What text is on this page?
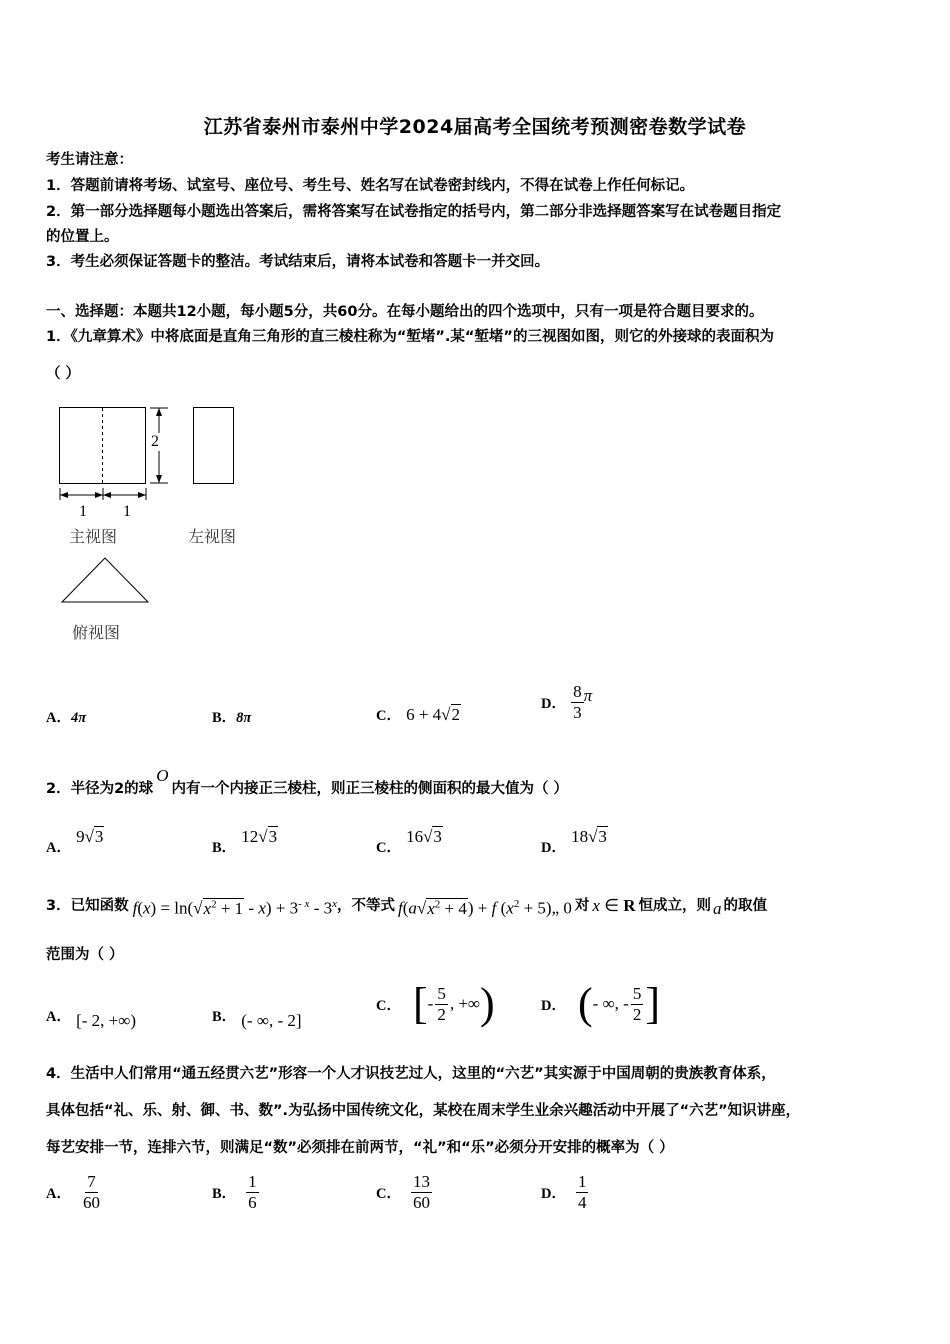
江苏省泰州市泰州中学2024届高考全国统考预测密卷数学试卷
考生请注意：
1．答题前请将考场、试室号、座位号、考生号、姓名写在试卷密封线内，不得在试卷上作任何标记。
2．第一部分选择题每小题选出答案后，需将答案写在试卷指定的括号内，第二部分非选择题答案写在试卷题目指定
的位置上。
3．考生必须保证答题卡的整洁。考试结束后，请将本试卷和答题卡一并交回。
一、选择题：本题共12小题，每小题5分，共60分。在每小题给出的四个选项中，只有一项是符合题目要求的。
1．《九章算术》中将底面是直角三角形的直三棱柱称为“堑堵”.某“堑堵”的三视图如图，则它的外接球的表面积为
（ ）
2
1 1
主视图	左视图
俯视图
A．4π	B．8π	C． 6 + 4√2
D． $\frac{8}{3}$ π
2．半径为2的球O内有一个内接正三棱柱，则正三棱柱的侧面积的最大值为（ ）
A． 9√3
B． 12√3
C． 16√3
D． 18√3
3．已知函数 $f(x) = \ln(√x^2 + 1 - x) + 3^{- x} - 3^x$ ，不等式 $f(a√x^2 + 4) + f$ ($x^2$ + 5)„ 0 对 x ∈ R 恒成立，则 a 的取值
范围为（ ）
A． [- 2, +∞)	B． (- ∞, - 2]
C． [ - $\frac{5}{2}$ , +∞ )	D． ( - ∞, - $\frac{5}{2}$ ]
4．生活中人们常用“通五经贯六艺”形容一个人才识技艺过人，这里的“六艺”其实源于中国周朝的贵族教育体系，
具体包括“礼、乐、射、御、书、数”.为弘扬中国传统文化，某校在周末学生业余兴趣活动中开展了“六艺”知识讲座，
每艺安排一节，连排六节，则满足“数”必须排在前两节，“礼”和“乐”必须分开安排的概率为（ ）
A． $\frac{7}{60}$	B． $\frac{1}{6}$	C． $\frac{13}{60}$	D． $\frac{1}{4}$
